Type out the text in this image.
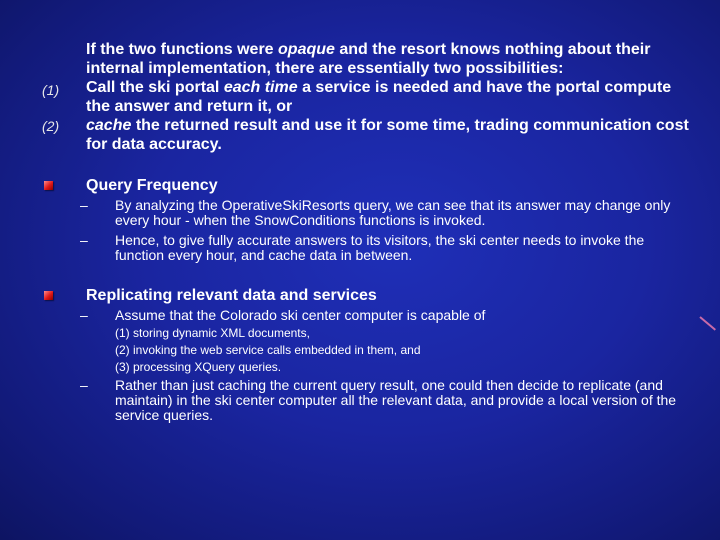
If the two functions were opaque and the resort knows nothing about their internal implementation, there are essentially two possibilities:

Call the ski portal each time a service is needed and have the portal compute the answer and return it, or

cache the returned result and use it for some time, trading communication cost for data accuracy.

(1)
(2)
Query Frequency
– By analyzing the OperativeSkiResorts query, we can see that its answer may change only every hour - when the SnowConditions functions is invoked.
– Hence, to give fully accurate answers to its visitors, the ski center needs to invoke the function every hour, and cache data in between.
Replicating relevant data and services
– Assume that the Colorado ski center computer is capable of
(1) storing dynamic XML documents,
(2) invoking the web service calls embedded in them, and
(3) processing XQuery queries.
– Rather than just caching the current query result, one could then decide to replicate (and maintain) in the ski center computer all the relevant data, and provide a local version of the service queries.
